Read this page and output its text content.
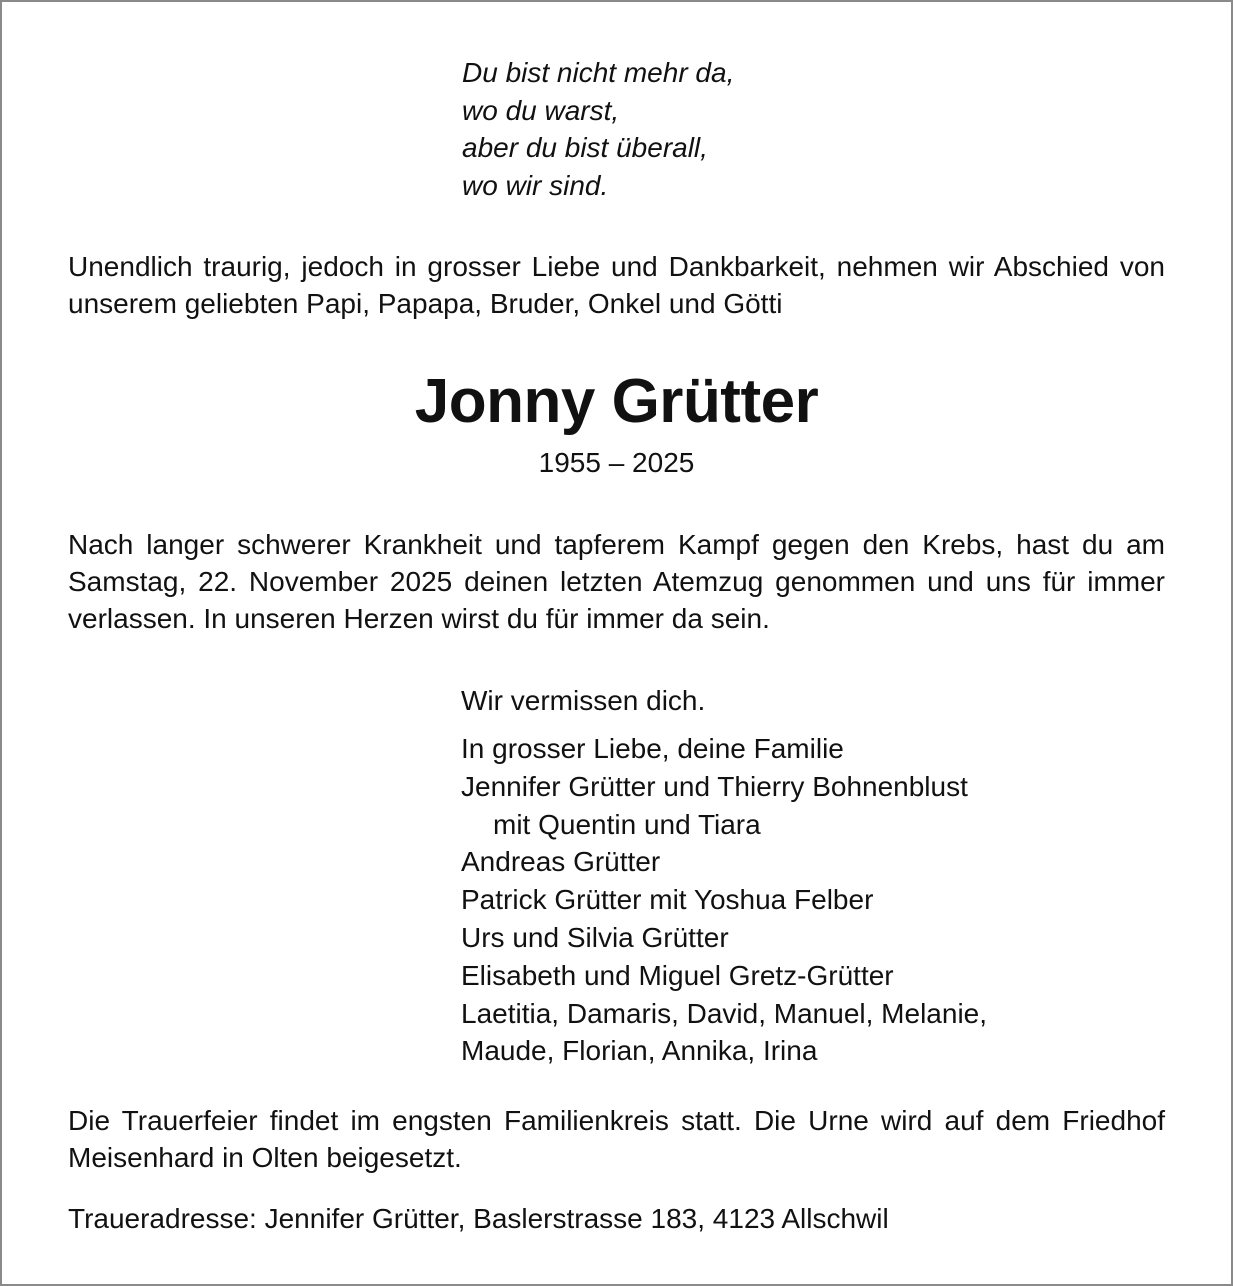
Du bist nicht mehr da,
wo du warst,
aber du bist überall,
wo wir sind.
Unendlich traurig, jedoch in grosser Liebe und Dankbarkeit, nehmen wir Abschied von unserem geliebten Papi, Papapa, Bruder, Onkel und Götti
Jonny Grütter
1955 – 2025
Nach langer schwerer Krankheit und tapferem Kampf gegen den Krebs, hast du am Samstag, 22. November 2025 deinen letzten Atemzug genommen und uns für immer verlassen. In unseren Herzen wirst du für immer da sein.
Wir vermissen dich.
In grosser Liebe, deine Familie
Jennifer Grütter und Thierry Bohnenblust
mit Quentin und Tiara
Andreas Grütter
Patrick Grütter mit Yoshua Felber
Urs und Silvia Grütter
Elisabeth und Miguel Gretz-Grütter
Laetitia, Damaris, David, Manuel, Melanie,
Maude, Florian, Annika, Irina
Die Trauerfeier findet im engsten Familienkreis statt. Die Urne wird auf dem Friedhof Meisenhard in Olten beigesetzt.
Traueradresse: Jennifer Grütter, Baslerstrasse 183, 4123 Allschwil
